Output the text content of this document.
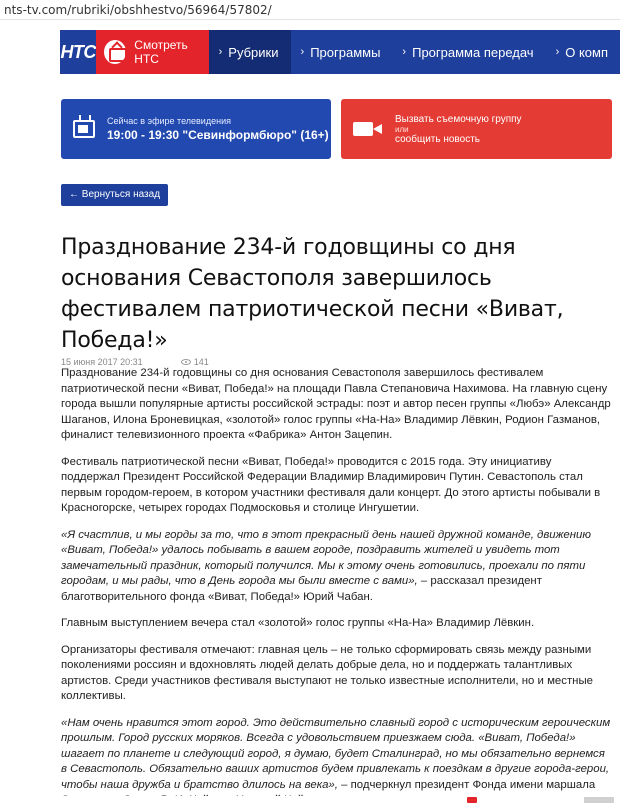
nts-tv.com/rubriki/obshhestvo/56964/57802/
НТС	Смотреть НТС	› Рубрики › Программы › Программа передач › О комп
Сейчас в эфире телевидения
19:00 - 19:30 "Севинформбюро" (16+)
Вызвать съемочную группу
или
сообщить новость
← Вернуться назад
Празднование 234-й годовщины со дня основания Севастополя завершилось фестивалем патриотической песни «Виват, Победа!»
15 июня 2017 20:31	141

Празднование 234-й годовщины со дня основания Севастополя завершилось фестивалем патриотической песни «Виват, Победа!» на площади Павла Степановича Нахимова. На главную сцену города вышли популярные артисты российской эстрады: поэт и автор песен группы «Любэ» Александр Шаганов, Илона Броневицкая, «золотой» голос группы «На-На» Владимир Лёвкин, Родион Газманов, финалист телевизионного проекта «Фабрика» Антон Зацепин.

Фестиваль патриотической песни «Виват, Победа!» проводится с 2015 года. Эту инициативу поддержал Президент Российской Федерации Владимир Владимирович Путин. Севастополь стал первым городом-героем, в котором участники фестиваля дали концерт. До этого артисты побывали в Красногорске, четырех городах Подмосковья и столице Ингушетии.

«Я счастлив, и мы горды за то, что в этот прекрасный день нашей дружной команде, движению «Виват, Победа!» удалось побывать в вашем городе, поздравить жителей и увидеть тот замечательный праздник, который получился. Мы к этому очень готовились, проехали по пяти городам, и мы рады, что в День города мы были вместе с вами», – рассказал президент благотворительного фонда «Виват, Победа!» Юрий Чабан.

Главным выступлением вечера стал «золотой» голос группы «На-На» Владимир Лёвкин.

Организаторы фестиваля отмечают: главная цель – не только сформировать связь между разными поколениями россиян и вдохновлять людей делать добрые дела, но и поддержать талантливых артистов. Среди участников фестиваля выступают не только известные исполнители, но и местные коллективы.

«Нам очень нравится этот город. Это действительно славный город с историческим героическим прошлым. Город русских моряков. Всегда с удовольствием приезжаем сюда. «Виват, Победа!» шагает по планете и следующий город, я думаю, будет Сталинград, но мы обязательно вернемся в Севастополь. Обязательно ваших артистов будем привлекать к поездкам в другие города-герои, чтобы наша дружба и братство длилось на века», – подчеркнул президент Фонда имени маршала
